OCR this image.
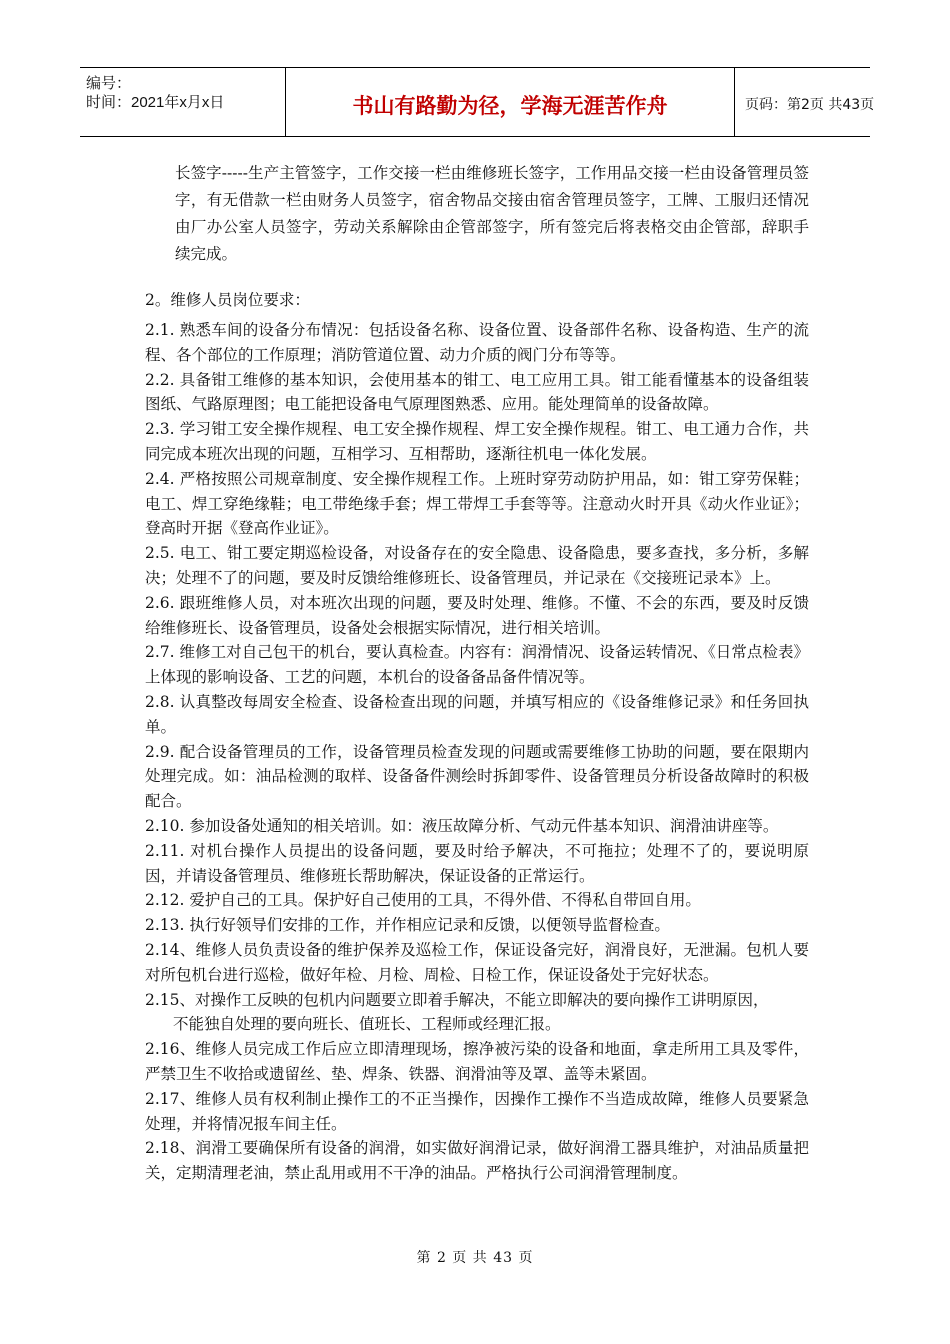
编号：
时间：2021年x月x日	书山有路勤为径，学海无涯苦作舟	页码：第2页 共43页

长签字-----生产主管签字，工作交接一栏由维修班长签字，工作用品交接一栏由设备管理员签字，有无借款一栏由财务人员签字，宿舍物品交接由宿舍管理员签字，工牌、工服归还情况由厂办公室人员签字，劳动关系解除由企管部签字，所有签完后将表格交由企管部，辞职手续完成。

2。维修人员岗位要求：

2.1. 熟悉车间的设备分布情况：包括设备名称、设备位置、设备部件名称、设备构造、生产的流程、各个部位的工作原理；消防管道位置、动力介质的阀门分布等等。

2.2. 具备钳工维修的基本知识，会使用基本的钳工、电工应用工具。钳工能看懂基本的设备组装图纸、气路原理图；电工能把设备电气原理图熟悉、应用。能处理简单的设备故障。

2.3. 学习钳工安全操作规程、电工安全操作规程、焊工安全操作规程。钳工、电工通力合作，共同完成本班次出现的问题，互相学习、互相帮助，逐渐往机电一体化发展。

2.4. 严格按照公司规章制度、安全操作规程工作。上班时穿劳动防护用品，如：钳工穿劳保鞋；电工、焊工穿绝缘鞋；电工带绝缘手套；焊工带焊工手套等等。注意动火时开具《动火作业证》；登高时开据《登高作业证》。

2.5. 电工、钳工要定期巡检设备，对设备存在的安全隐患、设备隐患，要多查找，多分析，多解决；处理不了的问题，要及时反馈给维修班长、设备管理员，并记录在《交接班记录本》上。

2.6. 跟班维修人员，对本班次出现的问题，要及时处理、维修。不懂、不会的东西，要及时反馈给维修班长、设备管理员，设备处会根据实际情况，进行相关培训。

2.7. 维修工对自己包干的机台，要认真检查。内容有：润滑情况、设备运转情况、《日常点检表》上体现的影响设备、工艺的问题，本机台的设备备品备件情况等。

2.8. 认真整改每周安全检查、设备检查出现的问题，并填写相应的《设备维修记录》和任务回执单。

2.9. 配合设备管理员的工作，设备管理员检查发现的问题或需要维修工协助的问题，要在限期内处理完成。如：油品检测的取样、设备备件测绘时拆卸零件、设备管理员分析设备故障时的积极配合。

2.10. 参加设备处通知的相关培训。如：液压故障分析、气动元件基本知识、润滑油讲座等。

2.11. 对机台操作人员提出的设备问题，要及时给予解决，不可拖拉；处理不了的，要说明原因，并请设备管理员、维修班长帮助解决，保证设备的正常运行。

2.12. 爱护自己的工具。保护好自己使用的工具，不得外借、不得私自带回自用。

2.13. 执行好领导们安排的工作，并作相应记录和反馈，以便领导监督检查。

2.14、维修人员负责设备的维护保养及巡检工作，保证设备完好，润滑良好，无泄漏。包机人要对所包机台进行巡检，做好年检、月检、周检、日检工作，保证设备处于完好状态。

2.15、对操作工反映的包机内问题要立即着手解决，不能立即解决的要向操作工讲明原因，

不能独自处理的要向班长、值班长、工程师或经理汇报。

2.16、维修人员完成工作后应立即清理现场，擦净被污染的设备和地面，拿走所用工具及零件，严禁卫生不收拾或遗留丝、垫、焊条、铁器、润滑油等及罩、盖等未紧固。

2.17、维修人员有权利制止操作工的不正当操作，因操作工操作不当造成故障，维修人员要紧急处理，并将情况报车间主任。

2.18、润滑工要确保所有设备的润滑，如实做好润滑记录，做好润滑工器具维护，对油品质量把关，定期清理老油，禁止乱用或用不干净的油品。严格执行公司润滑管理制度。

第 2 页 共 43 页
